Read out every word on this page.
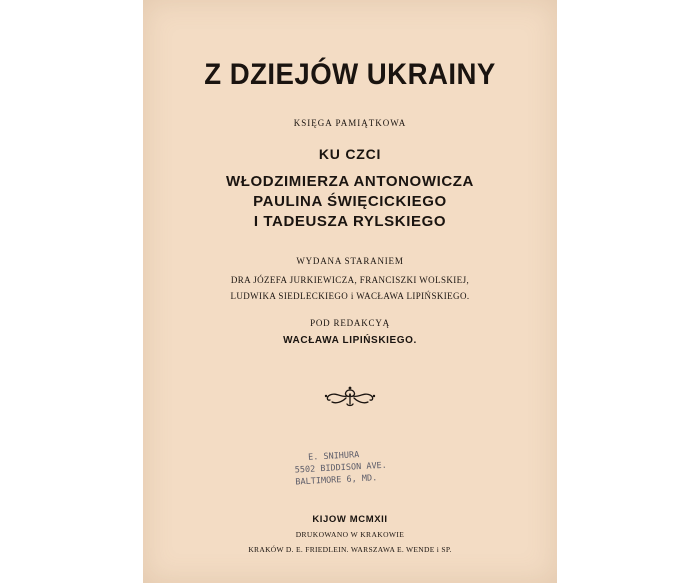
Z DZIEJÓW UKRAINY
KSIĘGA PAMIĄTKOWA
KU CZCI
WŁODZIMIERZA ANTONOWICZA
PAULINA ŚWIĘCICKIEGO
I TADEUSZA RYLSKIEGO
WYDANA STARANIEM
DRA JÓZEFA JURKIEWICZA, FRANCISZKI WOLSKIEJ,
LUDWIKA SIEDLECKIEGO i WACŁAWA LIPIŃSKIEGO.
POD REDAKCYĄ
WACŁAWA LIPIŃSKIEGO.
E. SNIHURA
5502 BIDDISON AVE.
BALTIMORE 6, MD.
KIJOW MCMXII
DRUKOWANO W KRAKOWIE
KRAKÓW D. E. FRIEDLEIN. WARSZAWA E. WENDE i SP.
